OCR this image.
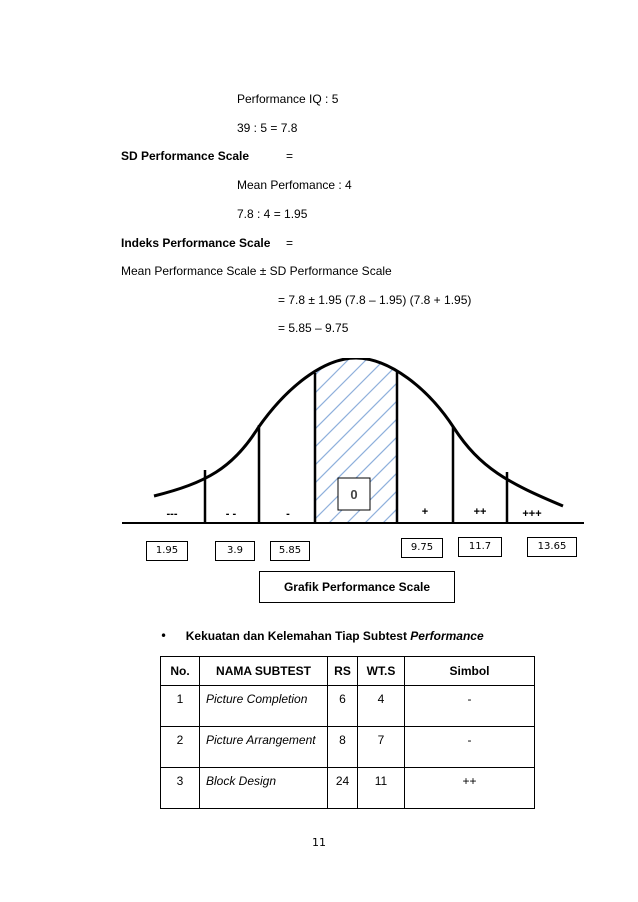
Performance IQ : 5
39 : 5 = 7.8
SD Performance Scale	=
Mean Perfomance : 4
7.8 : 4 = 1.95
Indeks Performance Scale =
Mean Performance Scale ± SD Performance Scale
= 7.8 ± 1.95 (7.8 – 1.95) (7.8 + 1.95)
= 5.85 – 9.75
0
---	- -	-	+	++	+++
1.95	3.9	5.85	9.75	11.7	13.65
Grafik Performance Scale
• Kekuatan dan Kelemahan Tiap Subtest Performance
No.	NAMA SUBTEST	RS	WT.S	Simbol
1	Picture Completion	6	4	-
2	Picture Arrangement	8	7	-
3	Block Design	24	11	++
11
